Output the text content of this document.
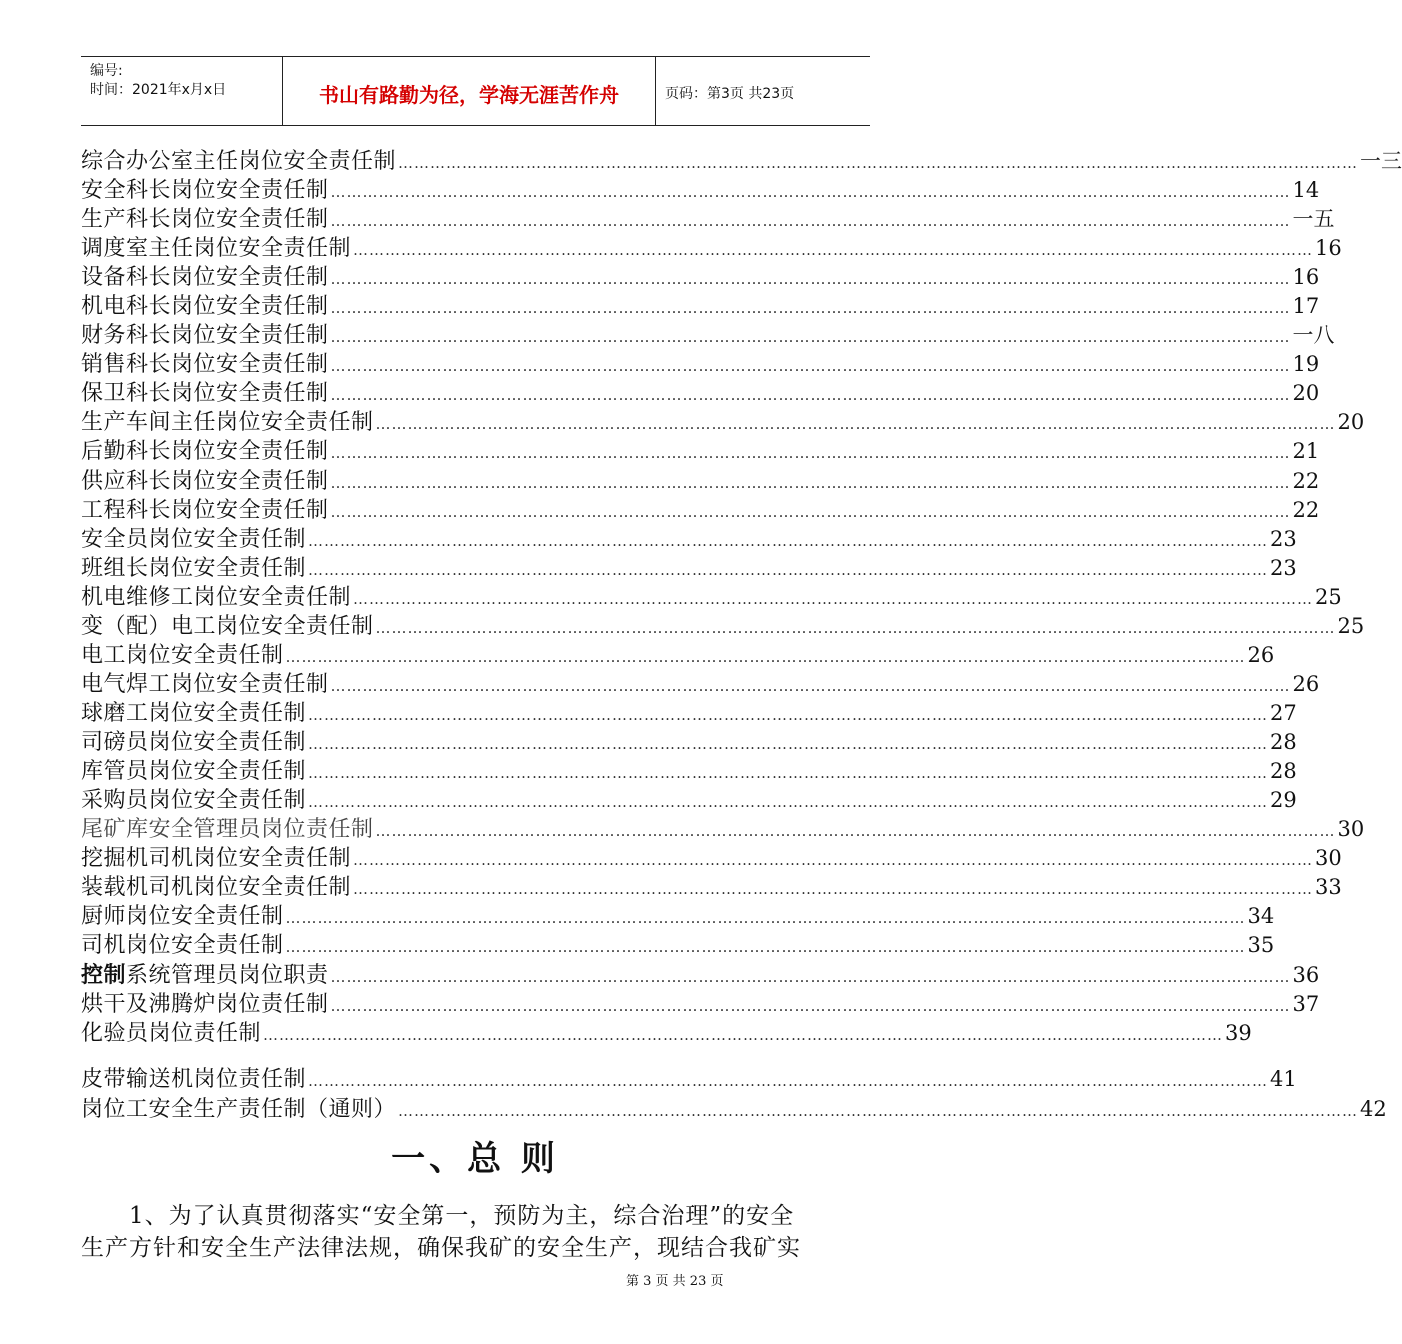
编号:
时间：2021年x月x日	书山有路勤为径，学海无涯苦作舟	页码：第3页 共23页
综合办公室主任岗位安全责任制 ……………………………………………………………………………………………………………………………………………………………… 一三
安全科长岗位安全责任制 ……………………………………………………………………………………………………………………………………………………………… 14
生产科长岗位安全责任制 ……………………………………………………………………………………………………………………………………………………………… 一五
调度室主任岗位安全责任制 ……………………………………………………………………………………………………………………………………………………………… 16
设备科长岗位安全责任制 ……………………………………………………………………………………………………………………………………………………………… 16
机电科长岗位安全责任制 ……………………………………………………………………………………………………………………………………………………………… 17
财务科长岗位安全责任制 ……………………………………………………………………………………………………………………………………………………………… 一八
销售科长岗位安全责任制 ……………………………………………………………………………………………………………………………………………………………… 19
保卫科长岗位安全责任制 ……………………………………………………………………………………………………………………………………………………………… 20
生产车间主任岗位安全责任制 ……………………………………………………………………………………………………………………………………………………………… 20
后勤科长岗位安全责任制 ……………………………………………………………………………………………………………………………………………………………… 21
供应科长岗位安全责任制 ……………………………………………………………………………………………………………………………………………………………… 22
工程科长岗位安全责任制 ……………………………………………………………………………………………………………………………………………………………… 22
安全员岗位安全责任制 ……………………………………………………………………………………………………………………………………………………………… 23
班组长岗位安全责任制 ……………………………………………………………………………………………………………………………………………………………… 23
机电维修工岗位安全责任制 ……………………………………………………………………………………………………………………………………………………………… 25
变（配）电工岗位安全责任制 ……………………………………………………………………………………………………………………………………………………………… 25
电工岗位安全责任制 ……………………………………………………………………………………………………………………………………………………………… 26
电气焊工岗位安全责任制 ……………………………………………………………………………………………………………………………………………………………… 26
球磨工岗位安全责任制 ……………………………………………………………………………………………………………………………………………………………… 27
司磅员岗位安全责任制 ……………………………………………………………………………………………………………………………………………………………… 28
库管员岗位安全责任制 ……………………………………………………………………………………………………………………………………………………………… 28
采购员岗位安全责任制 ……………………………………………………………………………………………………………………………………………………………… 29
尾矿库安全管理员岗位责任制 ……………………………………………………………………………………………………………………………………………………………… 30
挖掘机司机岗位安全责任制 ……………………………………………………………………………………………………………………………………………………………… 30
装载机司机岗位安全责任制 ……………………………………………………………………………………………………………………………………………………………… 33
厨师岗位安全责任制 ……………………………………………………………………………………………………………………………………………………………… 34
司机岗位安全责任制 ……………………………………………………………………………………………………………………………………………………………… 35
控制系统管理员岗位职责 ……………………………………………………………………………………………………………………………………………………………… 36
烘干及沸腾炉岗位责任制 ……………………………………………………………………………………………………………………………………………………………… 37
化验员岗位责任制 ……………………………………………………………………………………………………………………………………………………………… 39
皮带输送机岗位责任制 ……………………………………………………………………………………………………………………………………………………………… 41
岗位工安全生产责任制（通则） ……………………………………………………………………………………………………………………………………………………………… 42
一、总 则
　　1、为了认真贯彻落实“安全第一，预防为主，综合治理”的安全
生产方针和安全生产法律法规，确保我矿的安全生产，现结合我矿实
第 3 页 共 23 页
